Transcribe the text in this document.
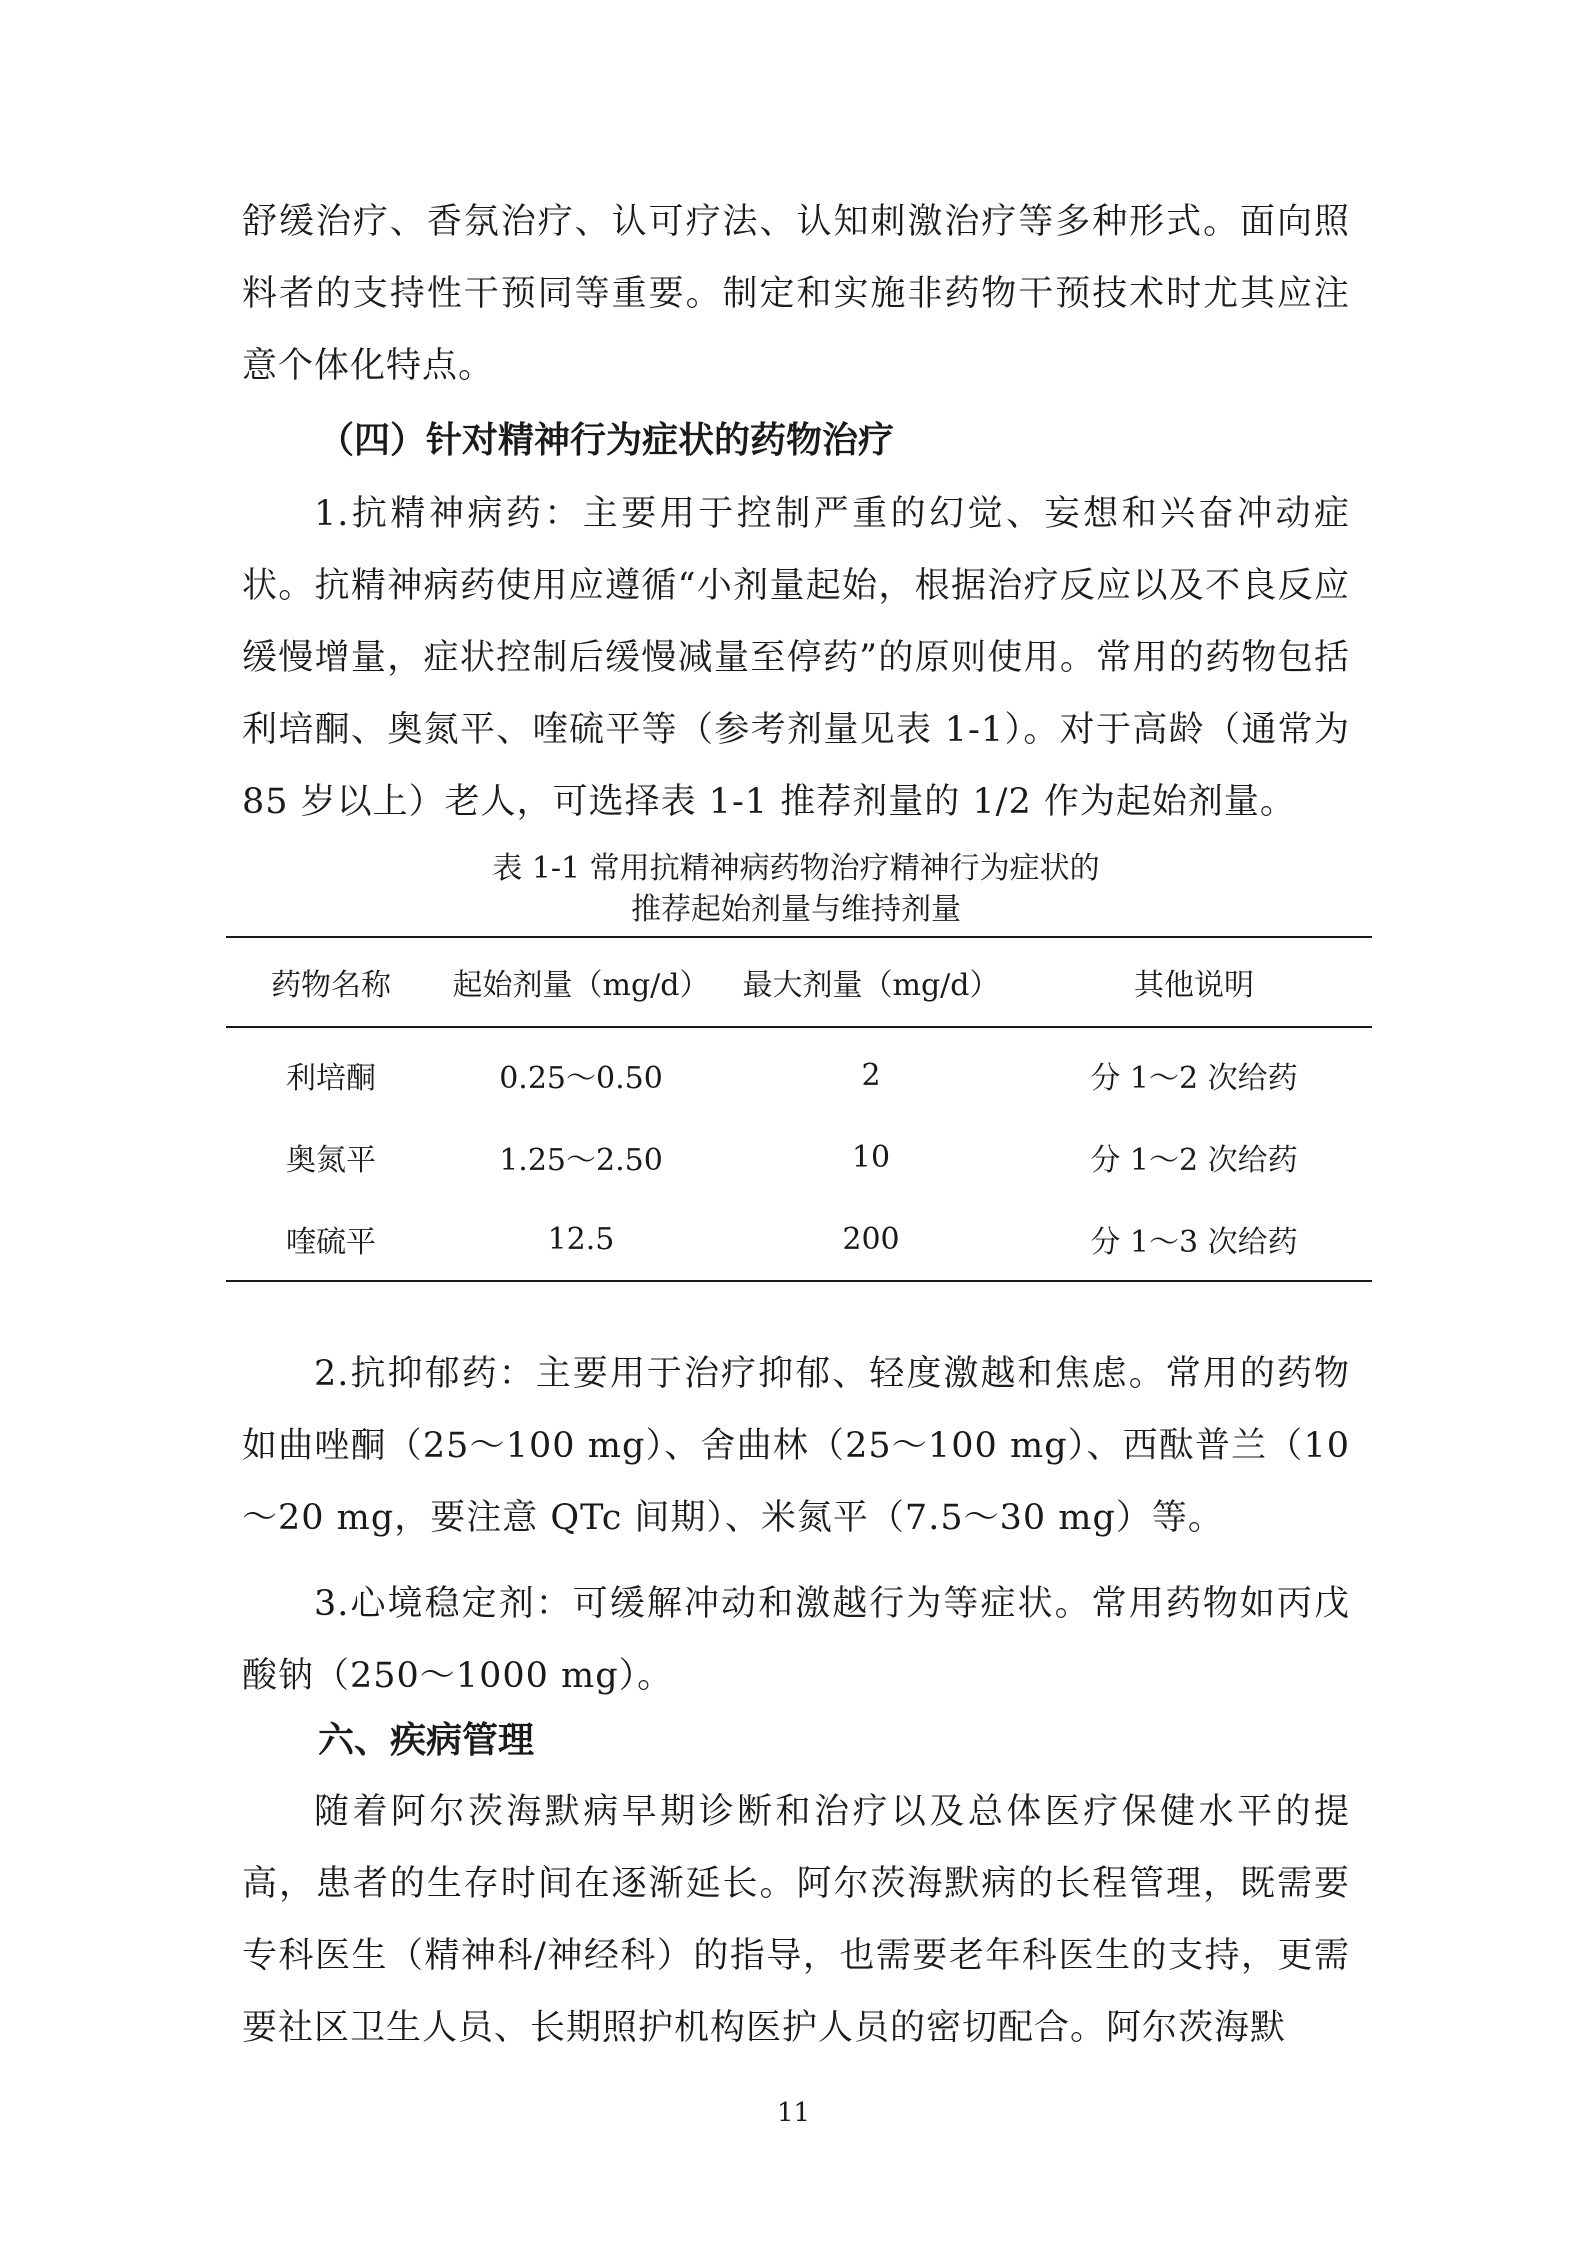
舒缓治疗、香氛治疗、认可疗法、认知刺激治疗等多种形式。面向照料者的支持性干预同等重要。制定和实施非药物干预技术时尤其应注意个体化特点。

（四）针对精神行为症状的药物治疗

1.抗精神病药：主要用于控制严重的幻觉、妄想和兴奋冲动症状。抗精神病药使用应遵循“小剂量起始，根据治疗反应以及不良反应缓慢增量，症状控制后缓慢减量至停药”的原则使用。常用的药物包括利培酮、奥氮平、喹硫平等（参考剂量见表 1-1）。对于高龄（通常为 85 岁以上）老人，可选择表 1-1 推荐剂量的 1/2 作为起始剂量。

表 1-1 常用抗精神病药物治疗精神行为症状的

推荐起始剂量与维持剂量

药物名称	起始剂量（mg/d）	最大剂量（mg/d）	其他说明
利培酮	0.25～0.50	2	分 1～2 次给药
奥氮平	1.25～2.50	10	分 1～2 次给药
喹硫平	12.5	200	分 1～3 次给药

2.抗抑郁药：主要用于治疗抑郁、轻度激越和焦虑。常用的药物如曲唑酮（25～100 mg）、舍曲林（25～100 mg）、西酞普兰（10～20 mg，要注意 QTc 间期）、米氮平（7.5～30 mg）等。

3.心境稳定剂：可缓解冲动和激越行为等症状。常用药物如丙戊酸钠（250～1000 mg）。

六、疾病管理

随着阿尔茨海默病早期诊断和治疗以及总体医疗保健水平的提高，患者的生存时间在逐渐延长。阿尔茨海默病的长程管理，既需要专科医生（精神科/神经科）的指导，也需要老年科医生的支持，更需要社区卫生人员、长期照护机构医护人员的密切配合。阿尔茨海默

11
